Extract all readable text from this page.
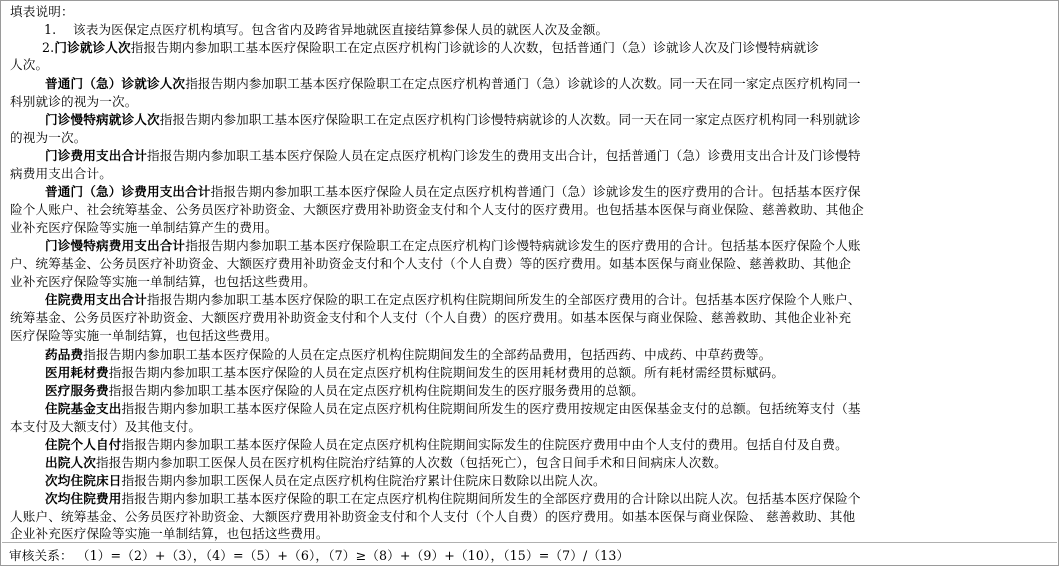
填表说明：
1. 该表为医保定点医疗机构填写。包含省内及跨省异地就医直接结算参保人员的就医人次及金额。
2.门诊就诊人次指报告期内参加职工基本医疗保险职工在定点医疗机构门诊就诊的人次数，包括普通门（急）诊就诊人次及门诊慢特病就诊
人次。
普通门（急）诊就诊人次指报告期内参加职工基本医疗保险职工在定点医疗机构普通门（急）诊就诊的人次数。同一天在同一家定点医疗机构同一
科别就诊的视为一次。
门诊慢特病就诊人次指报告期内参加职工基本医疗保险职工在定点医疗机构门诊慢特病就诊的人次数。同一天在同一家定点医疗机构同一科别就诊
的视为一次。
门诊费用支出合计指报告期内参加职工基本医疗保险人员在定点医疗机构门诊发生的费用支出合计，包括普通门（急）诊费用支出合计及门诊慢特
病费用支出合计。
普通门（急）诊费用支出合计指报告期内参加职工基本医疗保险人员在定点医疗机构普通门（急）诊就诊发生的医疗费用的合计。包括基本医疗保
险个人账户、社会统筹基金、公务员医疗补助资金、大额医疗费用补助资金支付和个人支付的医疗费用。也包括基本医保与商业保险、慈善救助、其他企
业补充医疗保险等实施一单制结算产生的费用。
门诊慢特病费用支出合计指报告期内参加职工基本医疗保险职工在定点医疗机构门诊慢特病就诊发生的医疗费用的合计。包括基本医疗保险个人账
户、统筹基金、公务员医疗补助资金、大额医疗费用补助资金支付和个人支付（个人自费）等的医疗费用。如基本医保与商业保险、慈善救助、其他企
业补充医疗保险等实施一单制结算，也包括这些费用。
住院费用支出合计指报告期内参加职工基本医疗保险的职工在定点医疗机构住院期间所发生的全部医疗费用的合计。包括基本医疗保险个人账户、
统筹基金、公务员医疗补助资金、大额医疗费用补助资金支付和个人支付（个人自费）的医疗费用。如基本医保与商业保险、慈善救助、其他企业补充
医疗保险等实施一单制结算，也包括这些费用。
药品费指报告期内参加职工基本医疗保险的人员在定点医疗机构住院期间发生的全部药品费用，包括西药、中成药、中草药费等。
医用耗材费指报告期内参加职工基本医疗保险的人员在定点医疗机构住院期间发生的医用耗材费用的总额。所有耗材需经贯标赋码。
医疗服务费指报告期内参加职工基本医疗保险的人员在定点医疗机构住院期间发生的医疗服务费用的总额。
住院基金支出指报告期内参加职工基本医疗保险人员在定点医疗机构住院期间所发生的医疗费用按规定由医保基金支付的总额。包括统筹支付（基
本支付及大额支付）及其他支付。
住院个人自付指报告期内参加职工基本医疗保险人员在定点医疗机构住院期间实际发生的住院医疗费用中由个人支付的费用。包括自付及自费。
出院人次指报告期内参加职工医保人员在医疗机构住院治疗结算的人次数（包括死亡），包含日间手术和日间病床人次数。
次均住院床日指报告期内参加职工医保人员在定点医疗机构住院治疗累计住院床日数除以出院人次。
次均住院费用指报告期内参加职工基本医疗保险的职工在定点医疗机构住院期间所发生的全部医疗费用的合计除以出院人次。包括基本医疗保险个
人账户、统筹基金、公务员医疗补助资金、大额医疗费用补助资金支付和个人支付（个人自费）的医疗费用。如基本医保与商业保险、 慈善救助、其他
企业补充医疗保险等实施一单制结算，也包括这些费用。
审核关系： （1）=（2）+（3），（4）=（5）+（6），（7）≥（8）+（9）+（10），（15）=（7）/（13）
